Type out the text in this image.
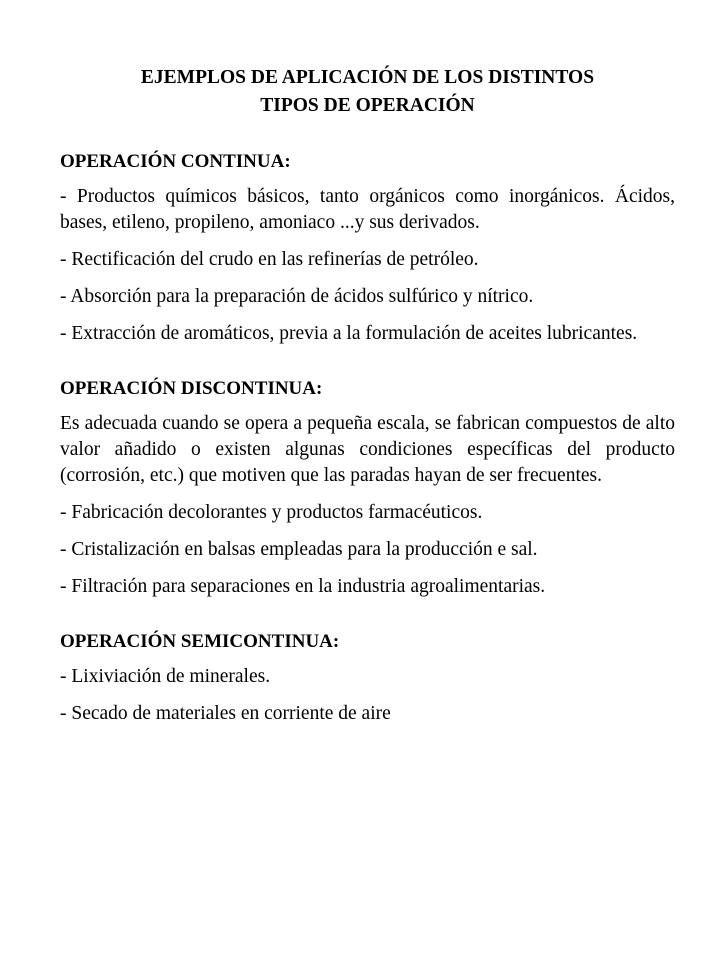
EJEMPLOS DE APLICACIÓN DE LOS DISTINTOS
TIPOS DE OPERACIÓN

OPERACIÓN CONTINUA:

- Productos químicos básicos, tanto orgánicos como inorgánicos. Ácidos, bases, etileno, propileno, amoniaco ...y sus derivados.

- Rectificación del crudo en las refinerías de petróleo.

- Absorción para la preparación de ácidos sulfúrico y nítrico.

- Extracción de aromáticos, previa a la formulación de aceites lubricantes.

OPERACIÓN DISCONTINUA:

Es adecuada cuando se opera a pequeña escala, se fabrican compuestos de alto valor añadido o existen algunas condiciones específicas del producto (corrosión, etc.) que motiven que las paradas hayan de ser frecuentes.

- Fabricación decolorantes y productos farmacéuticos.

- Cristalización en balsas empleadas para la producción e sal.

- Filtración para separaciones en la industria agroalimentarias.

OPERACIÓN SEMICONTINUA:

- Lixiviación de minerales.

- Secado de materiales en corriente de aire
